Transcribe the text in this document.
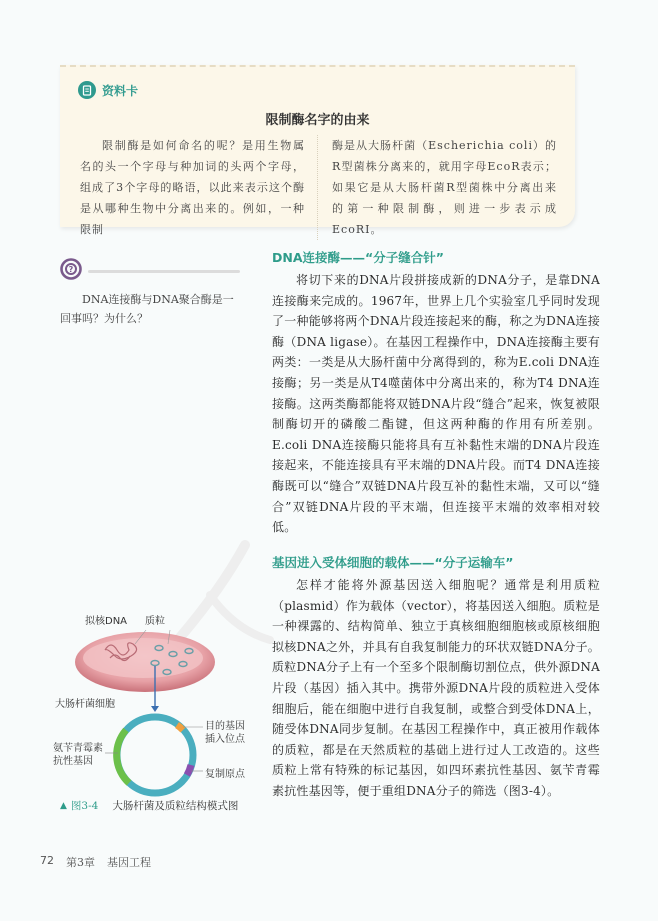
资料卡
限制酶名字的由来
限制酶是如何命名的呢？是用生物属名的头一个字母与种加词的头两个字母，组成了3个字母的略语，以此来表示这个酶是从哪种生物中分离出来的。例如，一种限制
酶是从大肠杆菌（Escherichia coli）的R型菌株分离来的，就用字母EcoR表示；如果它是从大肠杆菌R型菌株中分离出来的第一种限制酶，则进一步表示成EcoRⅠ。
?
DNA连接酶与DNA聚合酶是一回事吗？为什么？
DNA连接酶——“分子缝合针”
将切下来的DNA片段拼接成新的DNA分子，是靠DNA连接酶来完成的。1967年，世界上几个实验室几乎同时发现了一种能够将两个DNA片段连接起来的酶，称之为DNA连接酶（DNA ligase）。在基因工程操作中，DNA连接酶主要有两类：一类是从大肠杆菌中分离得到的，称为E.coli DNA连接酶；另一类是从T4噬菌体中分离出来的，称为T4 DNA连接酶。这两类酶都能将双链DNA片段“缝合”起来，恢复被限制酶切开的磷酸二酯键，但这两种酶的作用有所差别。E.coli DNA连接酶只能将具有互补黏性末端的DNA片段连接起来，不能连接具有平末端的DNA片段。而T4 DNA连接酶既可以“缝合”双链DNA片段互补的黏性末端，又可以“缝合”双链DNA片段的平末端，但连接平末端的效率相对较低。
基因进入受体细胞的载体——“分子运输车”
怎样才能将外源基因送入细胞呢？通常是利用质粒（plasmid）作为载体（vector），将基因送入细胞。质粒是一种裸露的、结构简单、独立于真核细胞细胞核或原核细胞拟核DNA之外，并具有自我复制能力的环状双链DNA分子。质粒DNA分子上有一个至多个限制酶切割位点，供外源DNA片段（基因）插入其中。携带外源DNA片段的质粒进入受体细胞后，能在细胞中进行自我复制，或整合到受体DNA上，随受体DNA同步复制。在基因工程操作中，真正被用作载体的质粒，都是在天然质粒的基础上进行过人工改造的。这些质粒上常有特殊的标记基因，如四环素抗性基因、氨苄青霉素抗性基因等，便于重组DNA分子的筛选（图3-4）。
拟核DNA 质粒
大肠杆菌细胞
目的基因
插入位点
氨苄青霉素
抗性基因
复制原点
▲ 图3-4 大肠杆菌及质粒结构模式图
72 第3章 基因工程
